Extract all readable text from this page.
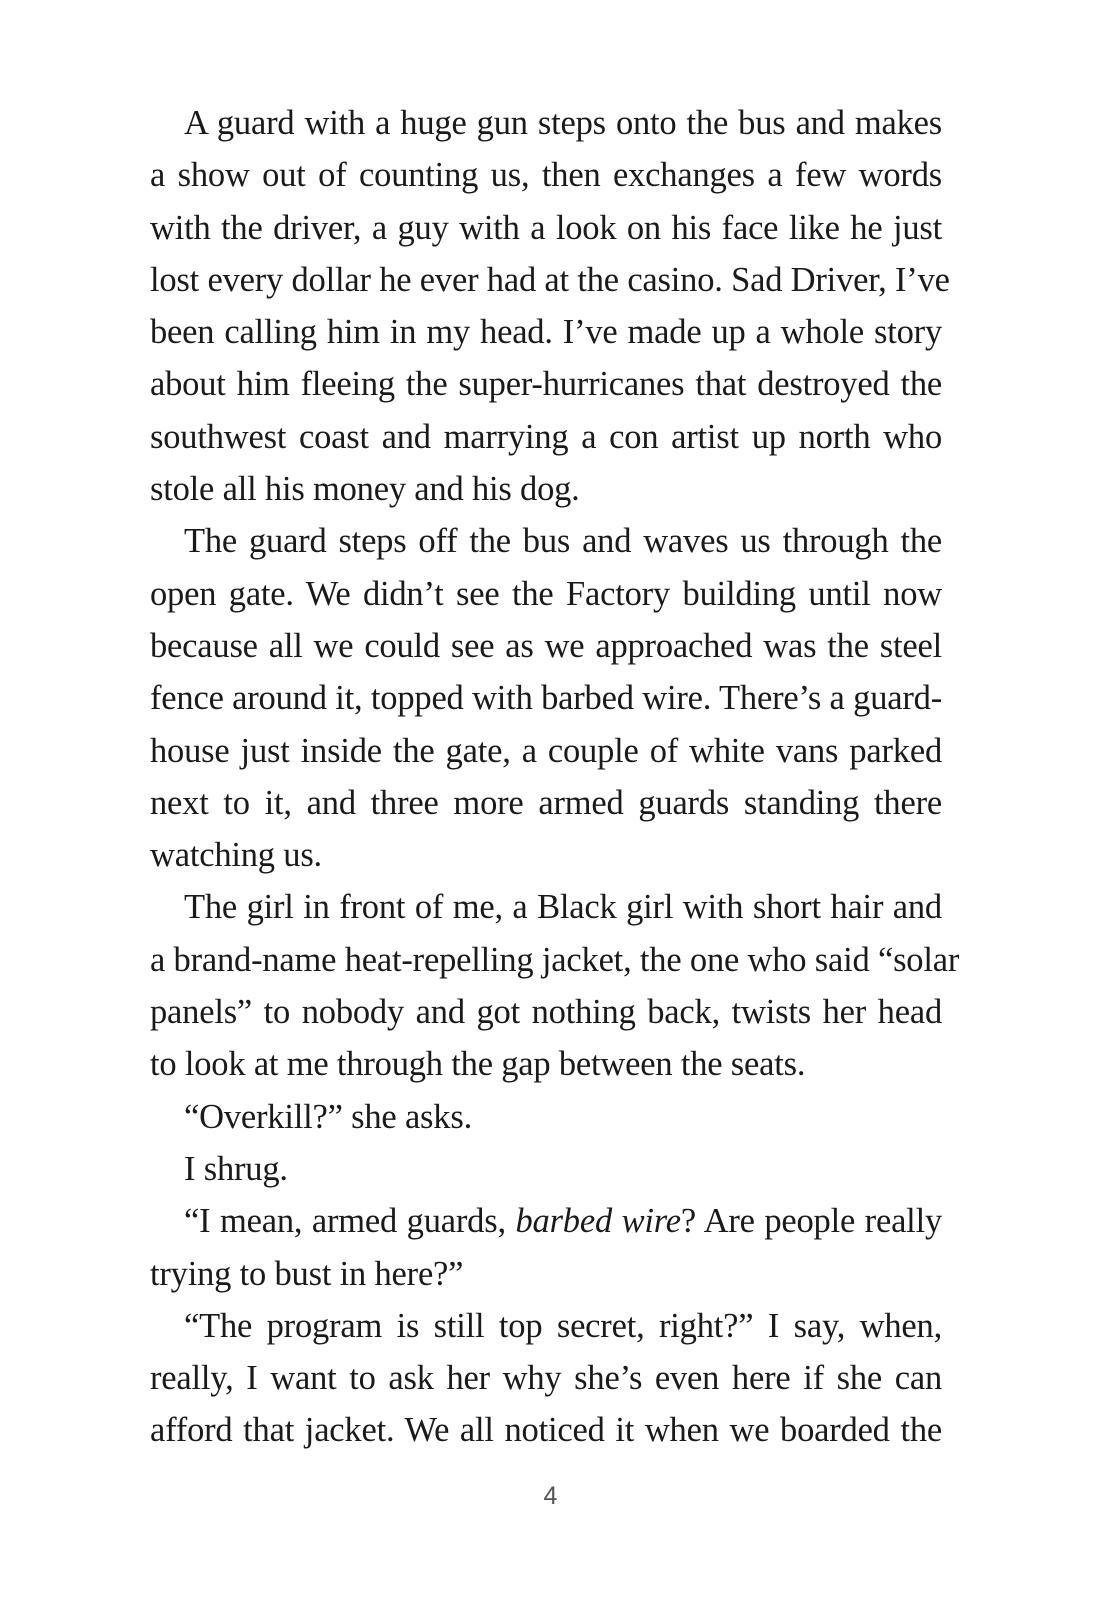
A guard with a huge gun steps onto the bus and makes
a show out of counting us, then exchanges a few words
with the driver, a guy with a look on his face like he just
lost every dollar he ever had at the casino. Sad Driver, I’ve
been calling him in my head. I’ve made up a whole story
about him fleeing the super-hurricanes that destroyed the
southwest coast and marrying a con artist up north who
stole all his money and his dog.
The guard steps off the bus and waves us through the
open gate. We didn’t see the Factory building until now
because all we could see as we approached was the steel
fence around it, topped with barbed wire. There’s a guard-
house just inside the gate, a couple of white vans parked
next to it, and three more armed guards standing there
watching us.
The girl in front of me, a Black girl with short hair and
a brand-name heat-repelling jacket, the one who said “solar
panels” to nobody and got nothing back, twists her head
to look at me through the gap between the seats.
“Overkill?” she asks.
I shrug.
“I mean, armed guards, barbed wire? Are people really
trying to bust in here?”
“The program is still top secret, right?” I say, when,
really, I want to ask her why she’s even here if she can
afford that jacket. We all noticed it when we boarded the
4
